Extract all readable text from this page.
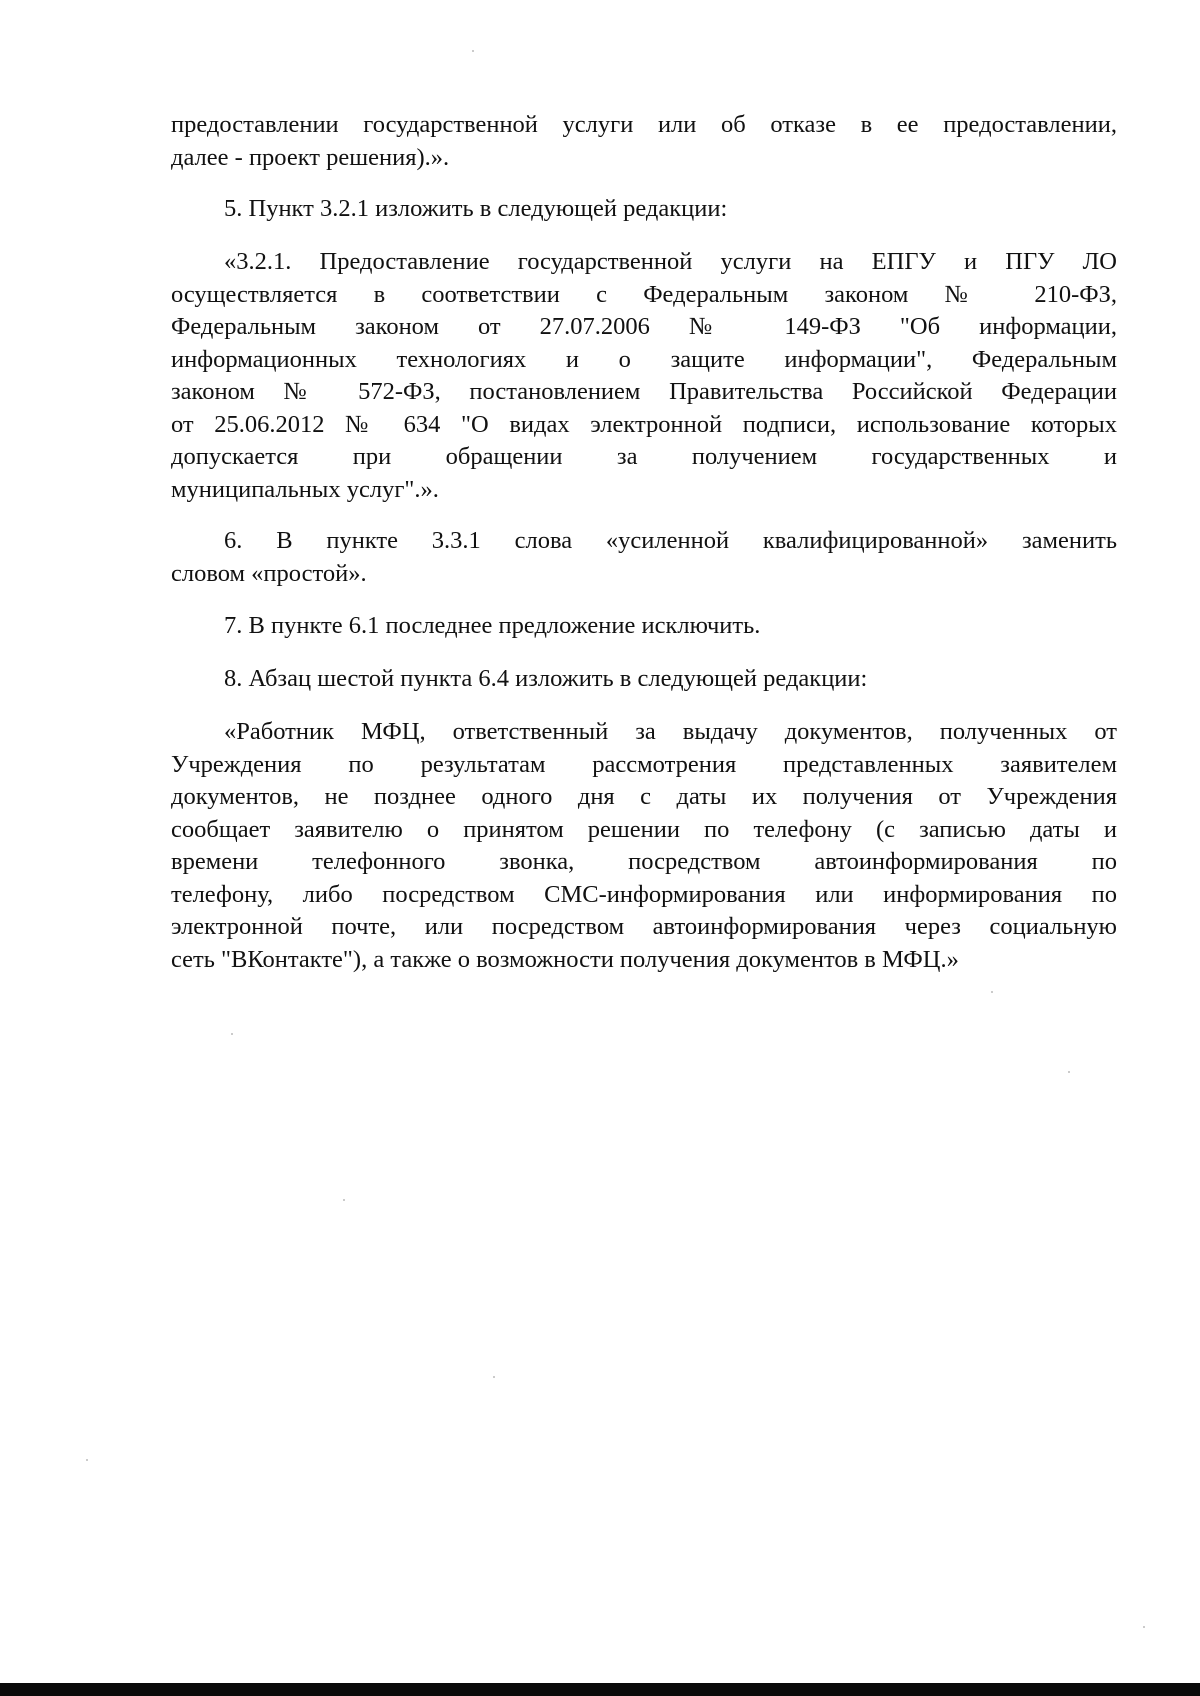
предоставлении государственной услуги или об отказе в ее предоставлении,
далее - проект решения).».
5. Пункт 3.2.1 изложить в следующей редакции:
«3.2.1. Предоставление государственной услуги на ЕПГУ и ПГУ ЛО
осуществляется в соответствии с Федеральным законом № 210-ФЗ,
Федеральным законом от 27.07.2006 № 149-ФЗ "Об информации,
информационных технологиях и о защите информации", Федеральным
законом № 572-ФЗ, постановлением Правительства Российской Федерации
от 25.06.2012 № 634 "О видах электронной подписи, использование которых
допускается при обращении за получением государственных и
муниципальных услуг".».
6. В пункте 3.3.1 слова «усиленной квалифицированной» заменить
словом «простой».
7. В пункте 6.1 последнее предложение исключить.
8. Абзац шестой пункта 6.4 изложить в следующей редакции:
«Работник МФЦ, ответственный за выдачу документов, полученных от
Учреждения по результатам рассмотрения представленных заявителем
документов, не позднее одного дня с даты их получения от Учреждения
сообщает заявителю о принятом решении по телефону (с записью даты и
времени телефонного звонка, посредством автоинформирования по
телефону, либо посредством СМС-информирования или информирования по
электронной почте, или посредством автоинформирования через социальную
сеть "ВКонтакте"), а также о возможности получения документов в МФЦ.»
